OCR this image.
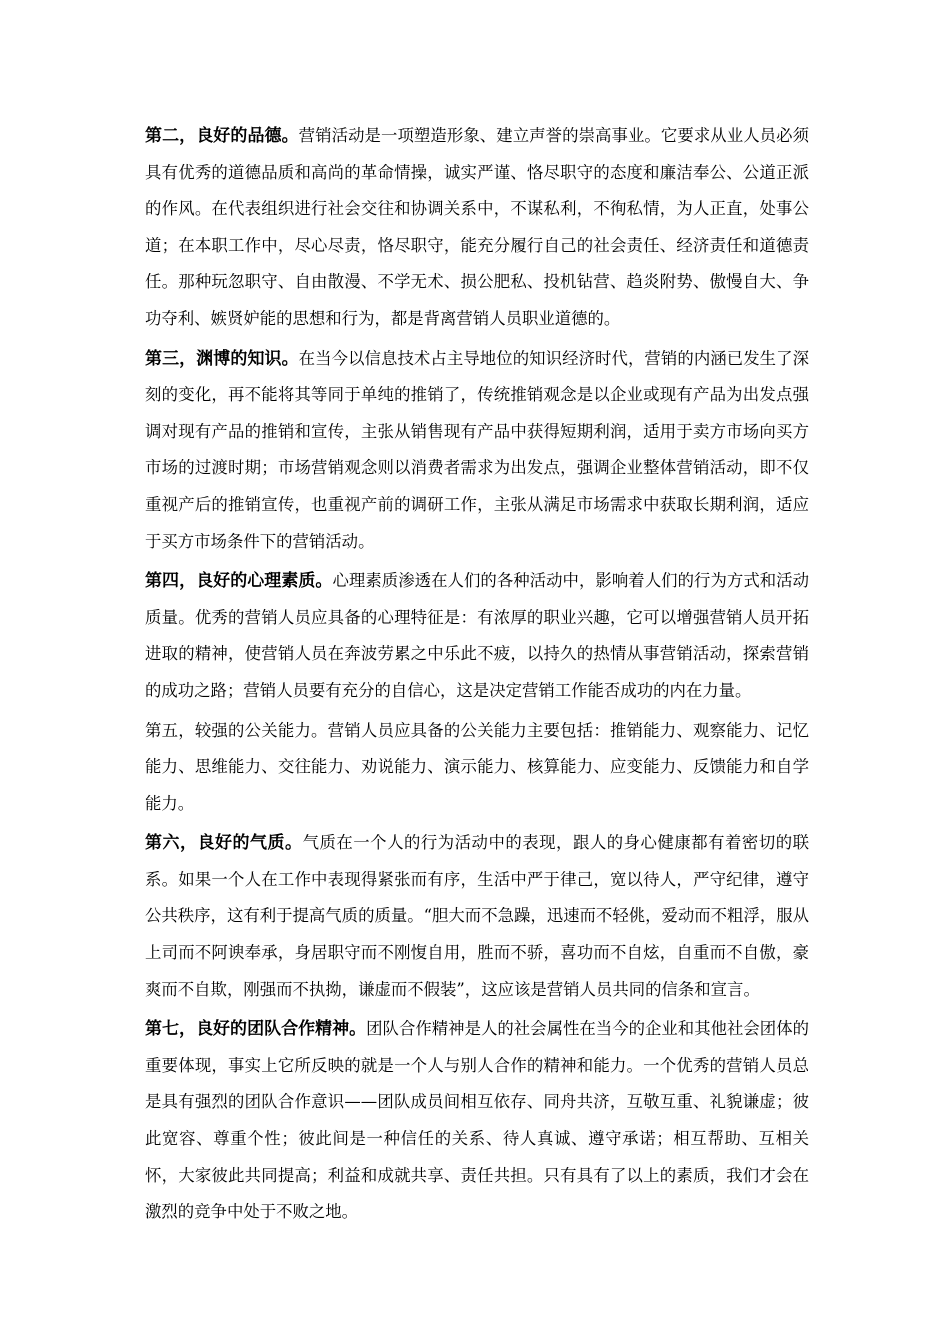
第二，良好的品德。营销活动是一项塑造形象、建立声誉的崇高事业。它要求从业人员必须具有优秀的道德品质和高尚的革命情操，诚实严谨、恪尽职守的态度和廉洁奉公、公道正派的作风。在代表组织进行社会交往和协调关系中，不谋私利，不徇私情，为人正直，处事公道；在本职工作中，尽心尽责，恪尽职守，能充分履行自己的社会责任、经济责任和道德责任。那种玩忽职守、自由散漫、不学无术、损公肥私、投机钻营、趋炎附势、傲慢自大、争功夺利、嫉贤妒能的思想和行为，都是背离营销人员职业道德的。

第三，渊博的知识。在当今以信息技术占主导地位的知识经济时代，营销的内涵已发生了深刻的变化，再不能将其等同于单纯的推销了，传统推销观念是以企业或现有产品为出发点强调对现有产品的推销和宣传，主张从销售现有产品中获得短期利润，适用于卖方市场向买方市场的过渡时期；市场营销观念则以消费者需求为出发点，强调企业整体营销活动，即不仅重视产后的推销宣传，也重视产前的调研工作，主张从满足市场需求中获取长期利润，适应于买方市场条件下的营销活动。

第四，良好的心理素质。心理素质渗透在人们的各种活动中，影响着人们的行为方式和活动质量。优秀的营销人员应具备的心理特征是：有浓厚的职业兴趣，它可以增强营销人员开拓进取的精神，使营销人员在奔波劳累之中乐此不疲，以持久的热情从事营销活动，探索营销的成功之路；营销人员要有充分的自信心，这是决定营销工作能否成功的内在力量。

第五，较强的公关能力。营销人员应具备的公关能力主要包括：推销能力、观察能力、记忆能力、思维能力、交往能力、劝说能力、演示能力、核算能力、应变能力、反馈能力和自学能力。

第六，良好的气质。气质在一个人的行为活动中的表现，跟人的身心健康都有着密切的联系。如果一个人在工作中表现得紧张而有序，生活中严于律己，宽以待人，严守纪律，遵守公共秩序，这有利于提高气质的质量。“胆大而不急躁，迅速而不轻佻，爱动而不粗浮，服从上司而不阿谀奉承，身居职守而不刚愎自用，胜而不骄，喜功而不自炫，自重而不自傲，豪爽而不自欺，刚强而不执拗，谦虚而不假装”，这应该是营销人员共同的信条和宣言。

第七，良好的团队合作精神。团队合作精神是人的社会属性在当今的企业和其他社会团体的重要体现，事实上它所反映的就是一个人与别人合作的精神和能力。一个优秀的营销人员总是具有强烈的团队合作意识——团队成员间相互依存、同舟共济，互敬互重、礼貌谦虚；彼此宽容、尊重个性；彼此间是一种信任的关系、待人真诚、遵守承诺；相互帮助、互相关怀，大家彼此共同提高；利益和成就共享、责任共担。只有具有了以上的素质，我们才会在激烈的竞争中处于不败之地。
